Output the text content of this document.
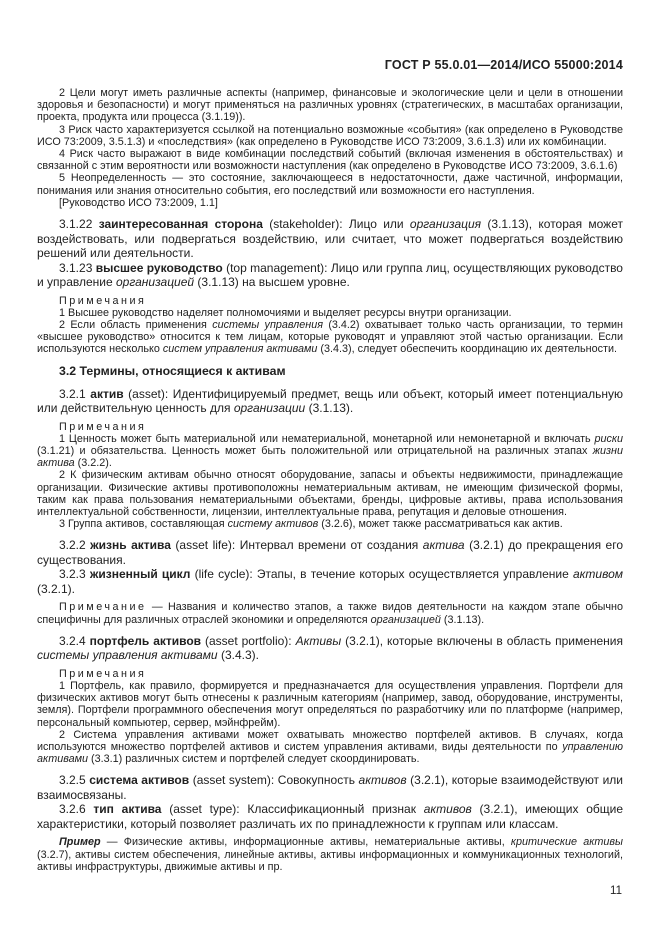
ГОСТ Р 55.0.01—2014/ИСО 55000:2014

2 Цели могут иметь различные аспекты (например, финансовые и экологические цели и цели в отношении здоровья и безопасности) и могут применяться на различных уровнях (стратегических, в масштабах организации, проекта, продукта или процесса (3.1.19)).

3 Риск часто характеризуется ссылкой на потенциально возможные «события» (как определено в Руководстве ИСО 73:2009, 3.5.1.3) и «последствия» (как определено в Руководстве ИСО 73:2009, 3.6.1.3) или их комбинации.

4 Риск часто выражают в виде комбинации последствий событий (включая изменения в обстоятельствах) и связанной с этим вероятности или возможности наступления (как определено в Руководстве ИСО 73:2009, 3.6.1.6)

5 Неопределенность — это состояние, заключающееся в недостаточности, даже частичной, информации, понимания или знания относительно события, его последствий или возможности его наступления.

[Руководство ИСО 73:2009, 1.1]

3.1.22 заинтересованная сторона (stakeholder): Лицо или организация (3.1.13), которая может воздействовать, или подвергаться воздействию, или считает, что может подвергаться воздействию решений или деятельности.

3.1.23 высшее руководство (top management): Лицо или группа лиц, осуществляющих руководство и управление организацией (3.1.13) на высшем уровне.

Примечания

1 Высшее руководство наделяет полномочиями и выделяет ресурсы внутри организации.

2 Если область применения системы управления (3.4.2) охватывает только часть организации, то термин «высшее руководство» относится к тем лицам, которые руководят и управляют этой частью организации. Если используются несколько систем управления активами (3.4.3), следует обеспечить координацию их деятельности.

3.2 Термины, относящиеся к активам

3.2.1 актив (asset): Идентифицируемый предмет, вещь или объект, который имеет потенциальную или действительную ценность для организации (3.1.13).

Примечания

1 Ценность может быть материальной или нематериальной, монетарной или немонетарной и включать риски (3.1.21) и обязательства. Ценность может быть положительной или отрицательной на различных этапах жизни актива (3.2.2).

2 К физическим активам обычно относят оборудование, запасы и объекты недвижимости, принадлежащие организации. Физические активы противоположны нематериальным активам, не имеющим физической формы, таким как права пользования нематериальными объектами, бренды, цифровые активы, права использования интеллектуальной собственности, лицензии, интеллектуальные права, репутация и деловые отношения.

3 Группа активов, составляющая систему активов (3.2.6), может также рассматриваться как актив.

3.2.2 жизнь актива (asset life): Интервал времени от создания актива (3.2.1) до прекращения его существования.

3.2.3 жизненный цикл (life cycle): Этапы, в течение которых осуществляется управление активом (3.2.1).

Примечание — Названия и количество этапов, а также видов деятельности на каждом этапе обычно специфичны для различных отраслей экономики и определяются организацией (3.1.13).

3.2.4 портфель активов (asset portfolio): Активы (3.2.1), которые включены в область применения системы управления активами (3.4.3).

Примечания

1 Портфель, как правило, формируется и предназначается для осуществления управления. Портфели для физических активов могут быть отнесены к различным категориям (например, завод, оборудование, инструменты, земля). Портфели программного обеспечения могут определяться по разработчику или по платформе (например, персональный компьютер, сервер, мэйнфрейм).

2 Система управления активами может охватывать множество портфелей активов. В случаях, когда используются множество портфелей активов и систем управления активами, виды деятельности по управлению активами (3.3.1) различных систем и портфелей следует скоординировать.

3.2.5 система активов (asset system): Совокупность активов (3.2.1), которые взаимодействуют или взаимосвязаны.

3.2.6 тип актива (asset type): Классификационный признак активов (3.2.1), имеющих общие характеристики, который позволяет различать их по принадлежности к группам или классам.

Пример — Физические активы, информационные активы, нематериальные активы, критические активы (3.2.7), активы систем обеспечения, линейные активы, активы информационных и коммуникационных технологий, активы инфраструктуры, движимые активы и пр.

11
